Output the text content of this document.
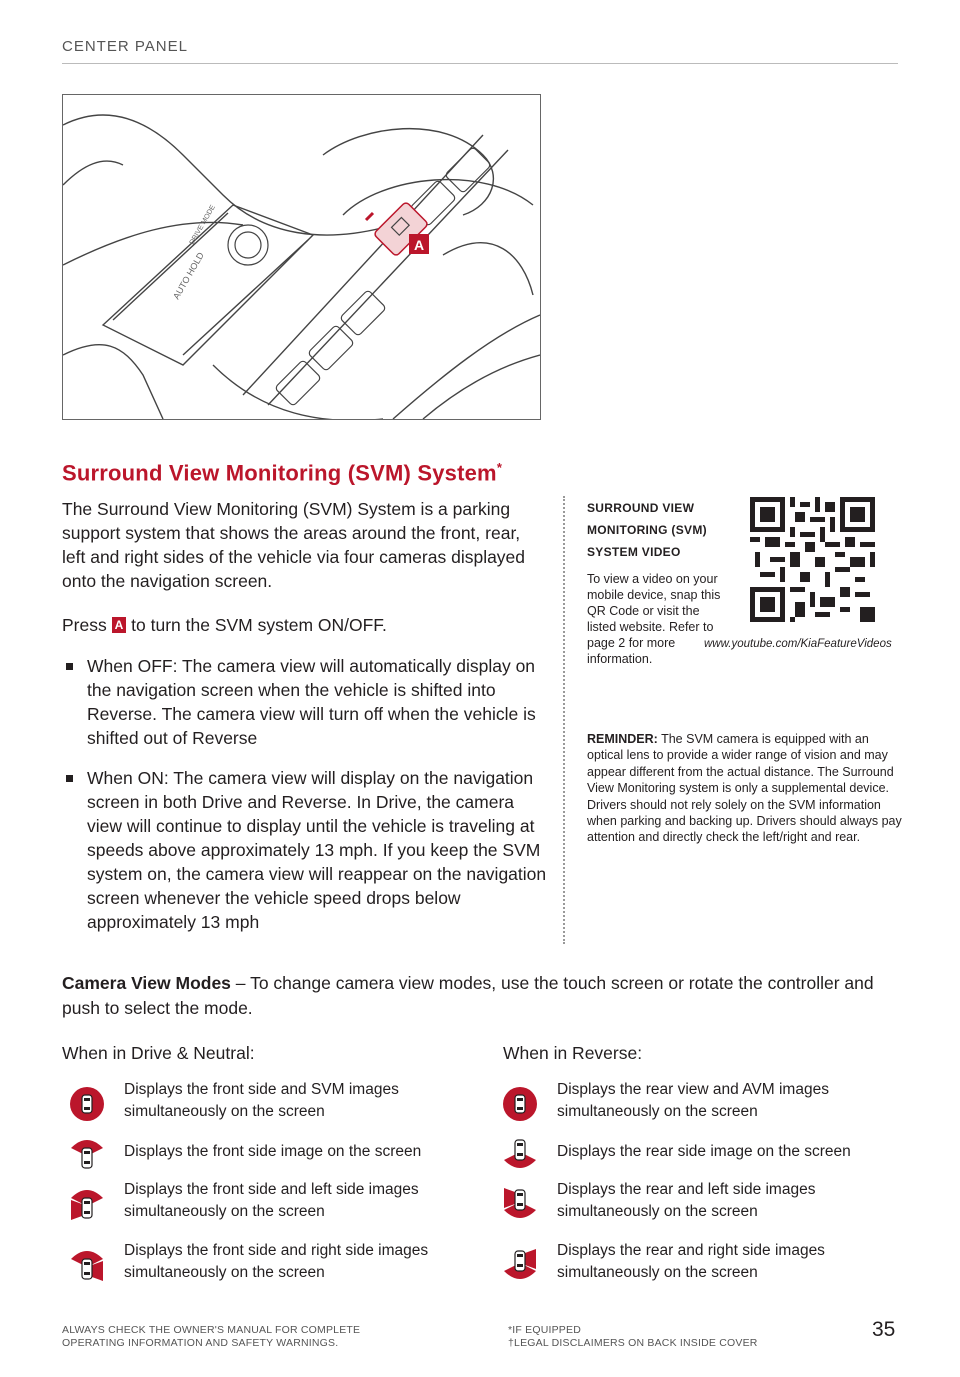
CENTER PANEL
AUTO HOLD
DRIVE MODE	A
Surround View Monitoring (SVM) System*
The Surround View Monitoring (SVM) System is a parking support system that shows the areas around the front, rear, left and right sides of the vehicle via four cameras displayed onto the navigation screen.
Press A to turn the SVM system ON/OFF.
When OFF: The camera view will automatically display on the navigation screen when the vehicle is shifted into Reverse. The camera view will turn off when the vehicle is shifted out of Reverse
When ON: The camera view will display on the navigation screen in both Drive and Reverse. In Drive, the camera view will continue to display until the vehicle is traveling at speeds above approximately 13 mph. If you keep the SVM system on, the camera view will reappear on the navigation screen whenever the vehicle speed drops below approximately 13 mph
SURROUND VIEW MONITORING (SVM) SYSTEM VIDEO
To view a video on your mobile device, snap this QR Code or visit the listed website. Refer to page 2 for more information.
www.youtube.com/KiaFeatureVideos
REMINDER: The SVM camera is equipped with an optical lens to provide a wider range of vision and may appear different from the actual distance. The Surround View Monitoring system is only a supplemental device. Drivers should not rely solely on the SVM information when parking and backing up. Drivers should always pay attention and directly check the left/right and rear.
Camera View Modes – To change camera view modes, use the touch screen or rotate the controller and push to select the mode.
When in Drive & Neutral:	When in Reverse:
Displays the front side and SVM images simultaneously on the screen
Displays the front side image on the screen
Displays the front side and left side images simultaneously on the screen
Displays the front side and right side images simultaneously on the screen
Displays the rear view and AVM images simultaneously on the screen
Displays the rear side image on the screen
Displays the rear and left side images simultaneously on the screen
Displays the rear and right side images simultaneously on the screen
35
ALWAYS CHECK THE OWNER'S MANUAL FOR COMPLETE OPERATING INFORMATION AND SAFETY WARNINGS.
*IF EQUIPPED
†LEGAL DISCLAIMERS ON BACK INSIDE COVER
